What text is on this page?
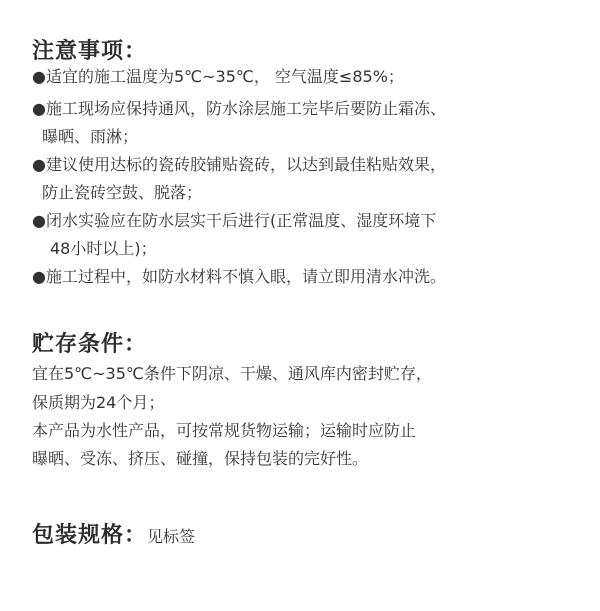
注意事项：

●适宜的施工温度为5℃~35℃， 空气温度≤85%；

●施工现场应保持通风，防水涂层施工完毕后要防止霜冻、

曝晒、雨淋；

●建议使用达标的瓷砖胶铺贴瓷砖，以达到最佳粘贴效果，

防止瓷砖空鼓、脱落；

●闭水实验应在防水层实干后进行(正常温度、湿度环境下

48小时以上)；

●施工过程中，如防水材料不慎入眼，请立即用清水冲洗。

贮存条件：

宜在5℃~35℃条件下阴凉、干燥、通风库内密封贮存，

保质期为24个月；

本产品为水性产品，可按常规货物运输；运输时应防止

曝晒、受冻、挤压、碰撞，保持包装的完好性。

包装规格：见标签
